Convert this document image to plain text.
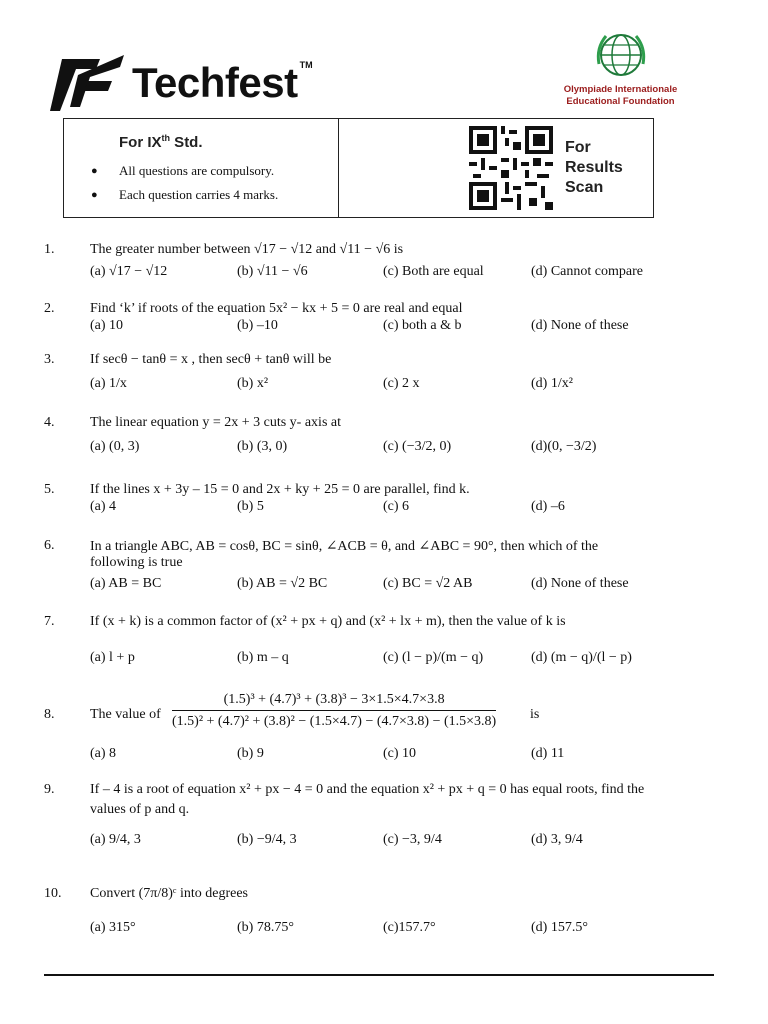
Techfest TM
Olympiade Internationale
Educational Foundation
For IXth Std.
● All questions are compulsory.
● Each question carries 4 marks.
For
Results
Scan
1.	The greater number between √17 − √12 and √11 − √6 is
(a) √17 − √12	(b) √11 − √6	(c) Both are equal	(d) Cannot compare
2.	Find ‘k’ if roots of the equation 5x² − kx + 5 = 0 are real and equal
(a) 10	(b) –10	(c) both a & b	(d) None of these
3.	If secθ − tanθ = x , then secθ + tanθ will be
(a) 1/x	(b) x²	(c) 2 x	(d) 1/x²
4.	The linear equation y = 2x + 3 cuts y- axis at
(a) (0, 3)	(b) (3, 0)	(c) (−3/2, 0)	(d)(0, −3/2)
5.	If the lines x + 3y – 15 = 0 and 2x + ky + 25 = 0 are parallel, find k.
(a) 4	(b) 5	(c) 6	(d) –6
6.	In a triangle ABC, AB = cosθ, BC = sinθ, ∠ACB = θ, and ∠ABC = 90°, then which of the
following is true
(a) AB = BC	(b) AB = √2 BC	(c) BC = √2 AB	(d) None of these
7.	If (x + k) is a common factor of (x² + px + q) and (x² + lx + m), then the value of k is
(a) l + p	(b) m – q	(c) (l − p)/(m − q)	(d) (m − q)/(l − p)
8.	The value of $\frac{\text{(1.5)³ + (4.7)³ + (3.8)³ − 3×1.5×4.7×3.8}}{\text{(1.5)² + (4.7)² + (3.8)² − (1.5×4.7) − (4.7×3.8) − (1.5×3.8)}}$ is
(a) 8	(b) 9	(c) 10	(d) 11
9.	If – 4 is a root of equation x² + px − 4 = 0 and the equation x² + px + q = 0 has equal roots, find the
values of p and q.
(a) 9/4, 3	(b) −9/4, 3	(c) −3, 9/4	(d) 3, 9/4
10. Convert (7π/8)ᶜ into degrees
(a) 315°	(b) 78.75°	(c)157.7°	(d) 157.5°
